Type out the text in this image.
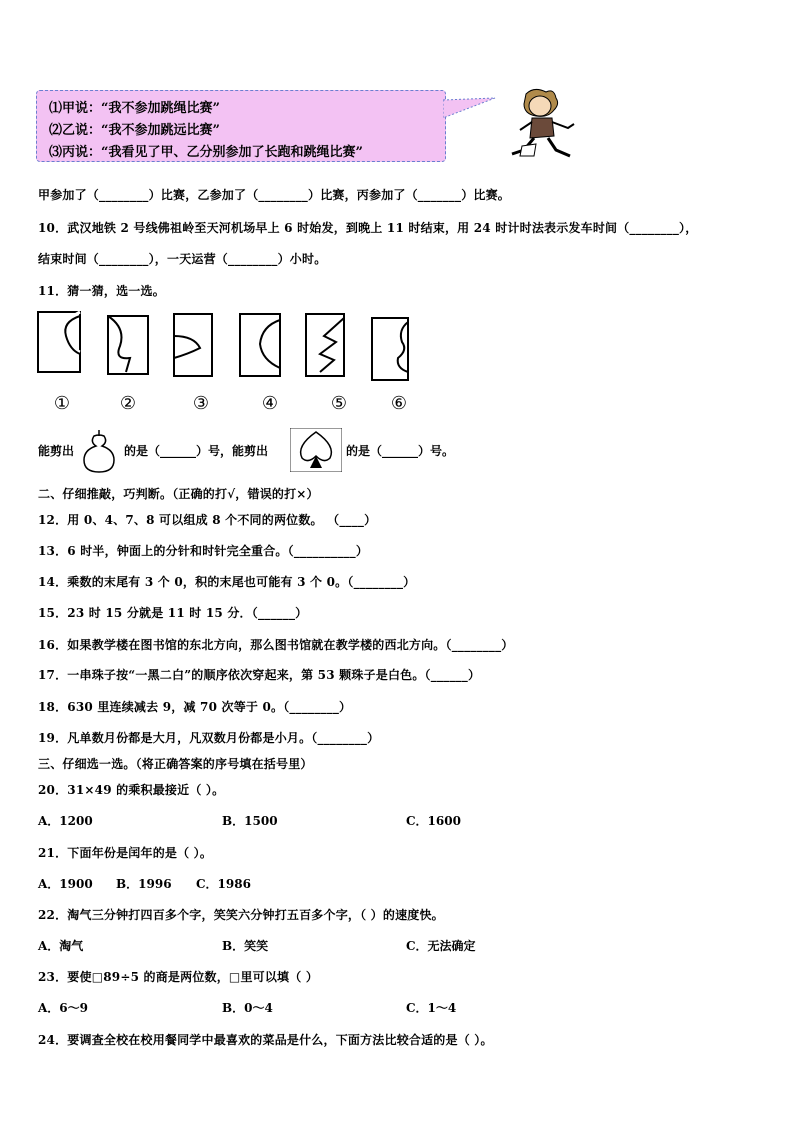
⑴甲说：“我不参加跳绳比赛”
⑵乙说：“我不参加跳远比赛”
⑶丙说：“我看见了甲、乙分别参加了长跑和跳绳比赛”
甲参加了（________）比赛，乙参加了（________）比赛，丙参加了（_______）比赛。
10．武汉地铁 2 号线佛祖岭至天河机场早上 6 时始发，到晚上 11 时结束，用 24 时计时法表示发车时间（________），
结束时间（________），一天运营（________）小时。
11．猜一猜，选一选。
①	②	③	④	⑤ ⑥
能剪出	的是（______）号，能剪出	的是（______）号。
二、仔细推敲，巧判断。（正确的打√，错误的打×）
12．用 0、4、7、8 可以组成 8 个不同的两位数。 （____）
13．6 时半，钟面上的分针和时针完全重合。（__________）
14．乘数的末尾有 3 个 0，积的末尾也可能有 3 个 0。（________）
15．23 时 15 分就是 11 时 15 分．（______）
16．如果教学楼在图书馆的东北方向，那么图书馆就在教学楼的西北方向。（________）
17．一串珠子按“一黑二白”的顺序依次穿起来，第 53 颗珠子是白色。（______）
18．630 里连续减去 9，减 70 次等于 0。（________）
19．凡单数月份都是大月，凡双数月份都是小月。（________）
三、仔细选一选。（将正确答案的序号填在括号里）
20．31×49 的乘积最接近（ ）。
A．1200	B．1500	C．1600
21．下面年份是闰年的是（ ）。
A．1900 B．1996 C．1986
22．淘气三分钟打四百多个字，笑笑六分钟打五百多个字，（ ）的速度快。
A．淘气	B．笑笑	C．无法确定
23．要使□89÷5 的商是两位数，□里可以填（ ）
A．6～9	B．0～4	C．1～4
24．要调查全校在校用餐同学中最喜欢的菜品是什么，下面方法比较合适的是（ ）。
